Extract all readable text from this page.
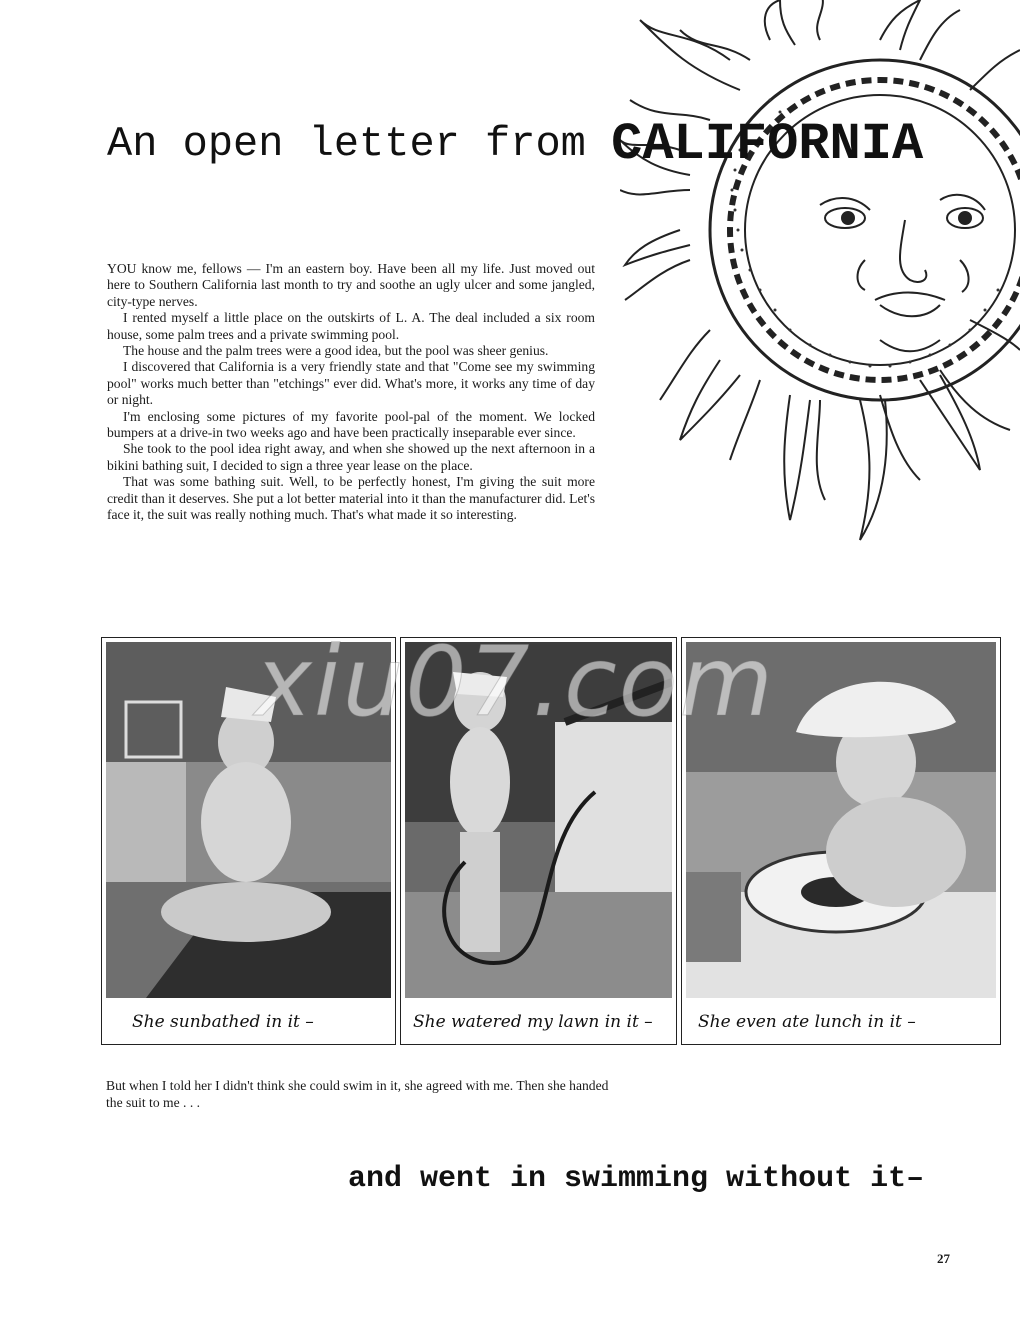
An open letter from CALIFORNIA

YOU know me, fellows — I'm an eastern boy. Have been all my life. Just moved out here to Southern California last month to try and soothe an ugly ulcer and some jangled, city-type nerves.

I rented myself a little place on the outskirts of L. A. The deal included a six room house, some palm trees and a private swimming pool.

The house and the palm trees were a good idea, but the pool was sheer genius.

I discovered that California is a very friendly state and that "Come see my swimming pool" works much better than "etchings" ever did. What's more, it works any time of day or night.

I'm enclosing some pictures of my favorite pool-pal of the moment. We locked bumpers at a drive-in two weeks ago and have been practically inseparable ever since.

She took to the pool idea right away, and when she showed up the next afternoon in a bikini bathing suit, I decided to sign a three year lease on the place.

That was some bathing suit. Well, to be perfectly honest, I'm giving the suit more credit than it deserves. She put a lot better material into it than the manufacturer did. Let's face it, the suit was really nothing much. That's what made it so interesting.

She sunbathed in it –	She watered my lawn in it –	She even ate lunch in it –
xiu07.com
But when I told her I didn't think she could swim in it, she agreed with me. Then she handed the suit to me . . .
and went in swimming without it–
27
